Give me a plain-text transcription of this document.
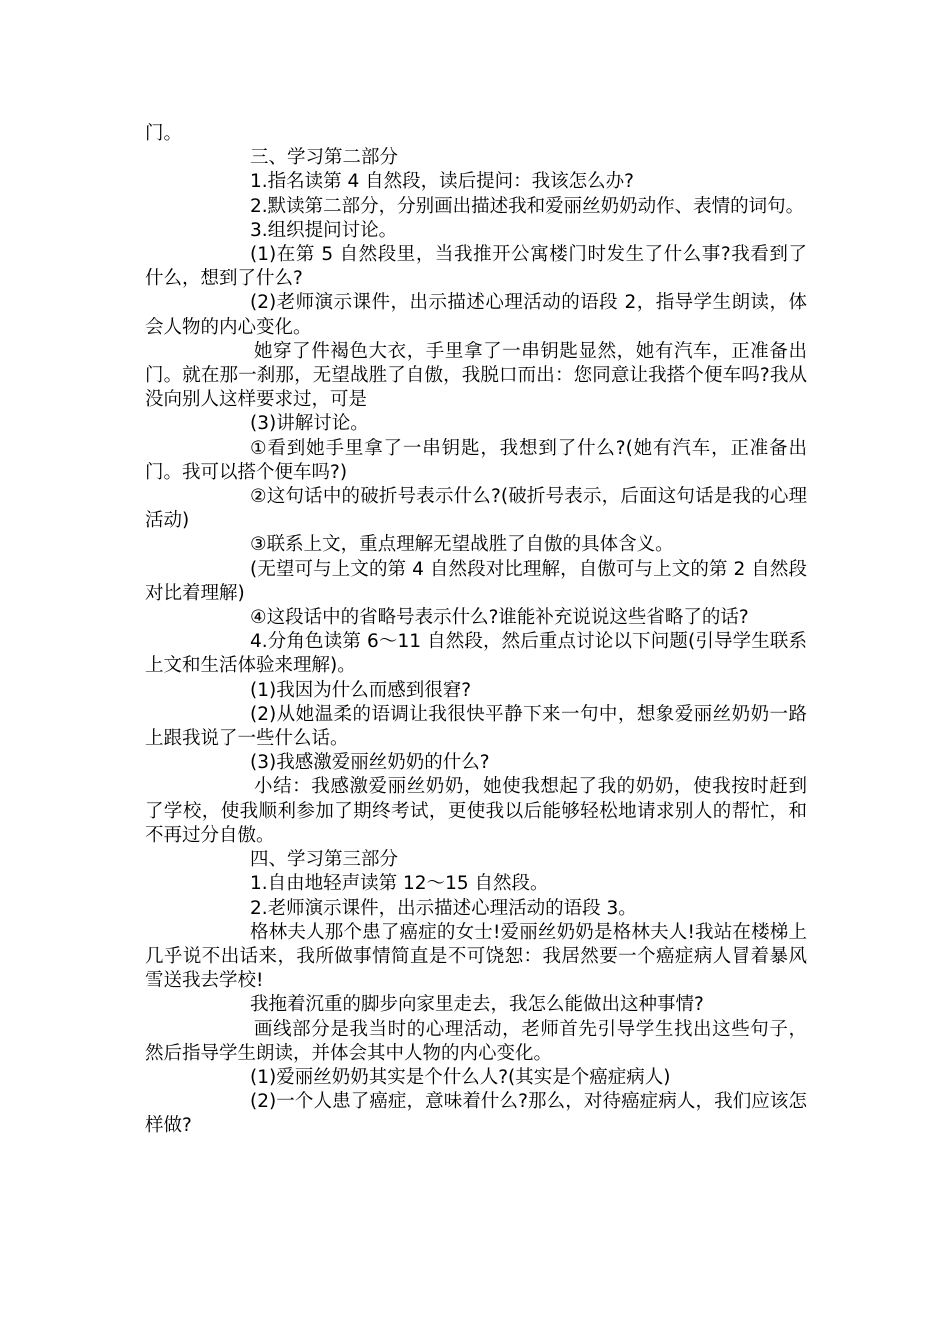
门。

三、学习第二部分

1.指名读第 4 自然段，读后提问：我该怎么办?

2.默读第二部分，分别画出描述我和爱丽丝奶奶动作、表情的词句。

3.组织提问讨论。

(1)在第 5 自然段里，当我推开公寓楼门时发生了什么事?我看到了什么，想到了什么?

(2)老师演示课件，出示描述心理活动的语段 2，指导学生朗读，体会人物的内心变化。

她穿了件褐色大衣，手里拿了一串钥匙显然，她有汽车，正准备出门。就在那一刹那，无望战胜了自傲，我脱口而出：您同意让我搭个便车吗?我从没向别人这样要求过，可是

(3)讲解讨论。

①看到她手里拿了一串钥匙，我想到了什么?(她有汽车，正准备出门。我可以搭个便车吗?)

②这句话中的破折号表示什么?(破折号表示，后面这句话是我的心理活动)

③联系上文，重点理解无望战胜了自傲的具体含义。

(无望可与上文的第 4 自然段对比理解，自傲可与上文的第 2 自然段对比着理解)

④这段话中的省略号表示什么?谁能补充说说这些省略了的话?

4.分角色读第 6～11 自然段，然后重点讨论以下问题(引导学生联系上文和生活体验来理解)。

(1)我因为什么而感到很窘?

(2)从她温柔的语调让我很快平静下来一句中，想象爱丽丝奶奶一路上跟我说了一些什么话。

(3)我感激爱丽丝奶奶的什么?

小结：我感激爱丽丝奶奶，她使我想起了我的奶奶，使我按时赶到了学校，使我顺利参加了期终考试，更使我以后能够轻松地请求别人的帮忙，和不再过分自傲。

四、学习第三部分

1.自由地轻声读第 12～15 自然段。

2.老师演示课件，出示描述心理活动的语段 3。

格林夫人那个患了癌症的女士!爱丽丝奶奶是格林夫人!我站在楼梯上几乎说不出话来，我所做事情简直是不可饶恕：我居然要一个癌症病人冒着暴风雪送我去学校!

我拖着沉重的脚步向家里走去，我怎么能做出这种事情?

画线部分是我当时的心理活动，老师首先引导学生找出这些句子，然后指导学生朗读，并体会其中人物的内心变化。

(1)爱丽丝奶奶其实是个什么人?(其实是个癌症病人)

(2)一个人患了癌症，意味着什么?那么，对待癌症病人，我们应该怎样做?
